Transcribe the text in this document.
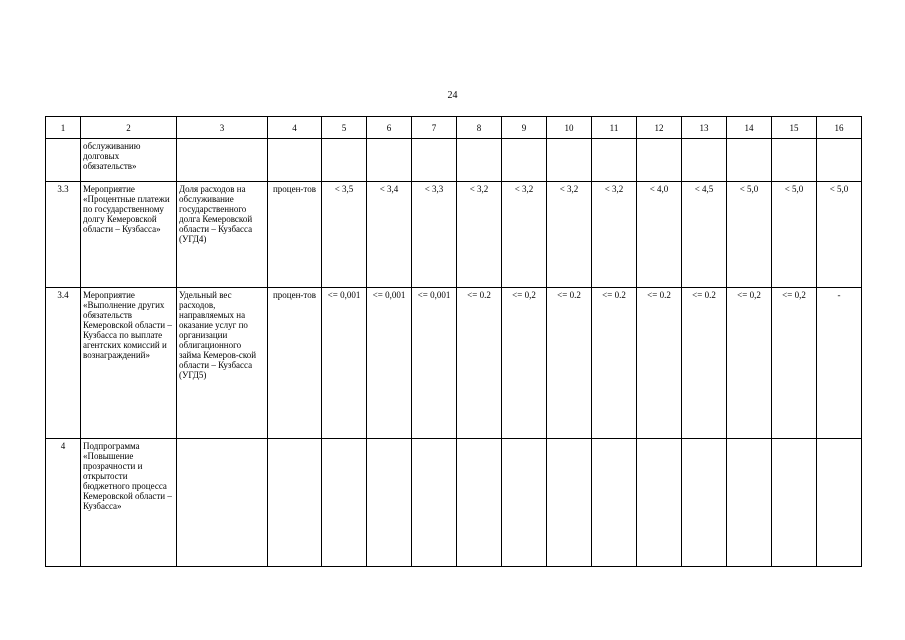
24
1	2	3	4	5	6	7	8	9	10	11	12	13	14	15	16
	обслуживанию долговых обязательств»														
3.3	Мероприятие «Процентные платежи по государственному долгу Кемеровской области – Кузбасса»	Доля расходов на обслуживание государственного долга Кемеровской области – Кузбасса (УГД4)	процен-тов	< 3,5	< 3,4	< 3,3	< 3,2	< 3,2	< 3,2	< 3,2	< 4,0	< 4,5	< 5,0	< 5,0	< 5,0
3.4	Мероприятие «Выполнение других обязательств Кемеровской области – Кузбасса по выплате агентских комиссий и вознаграждений»	Удельный вес расходов, направляемых на оказание услуг по организации облигационного займа Кемеров-ской области – Кузбасса (УГД5)	процен-тов	<= 0,001	<= 0,001	<= 0,001	<= 0.2	<= 0,2	<= 0.2	<= 0.2	<= 0.2	<= 0.2	<= 0,2	<= 0,2	-
4	Подпрограмма «Повышение прозрачности и открытости бюджетного процесса Кемеровской области – Кузбасса»														
